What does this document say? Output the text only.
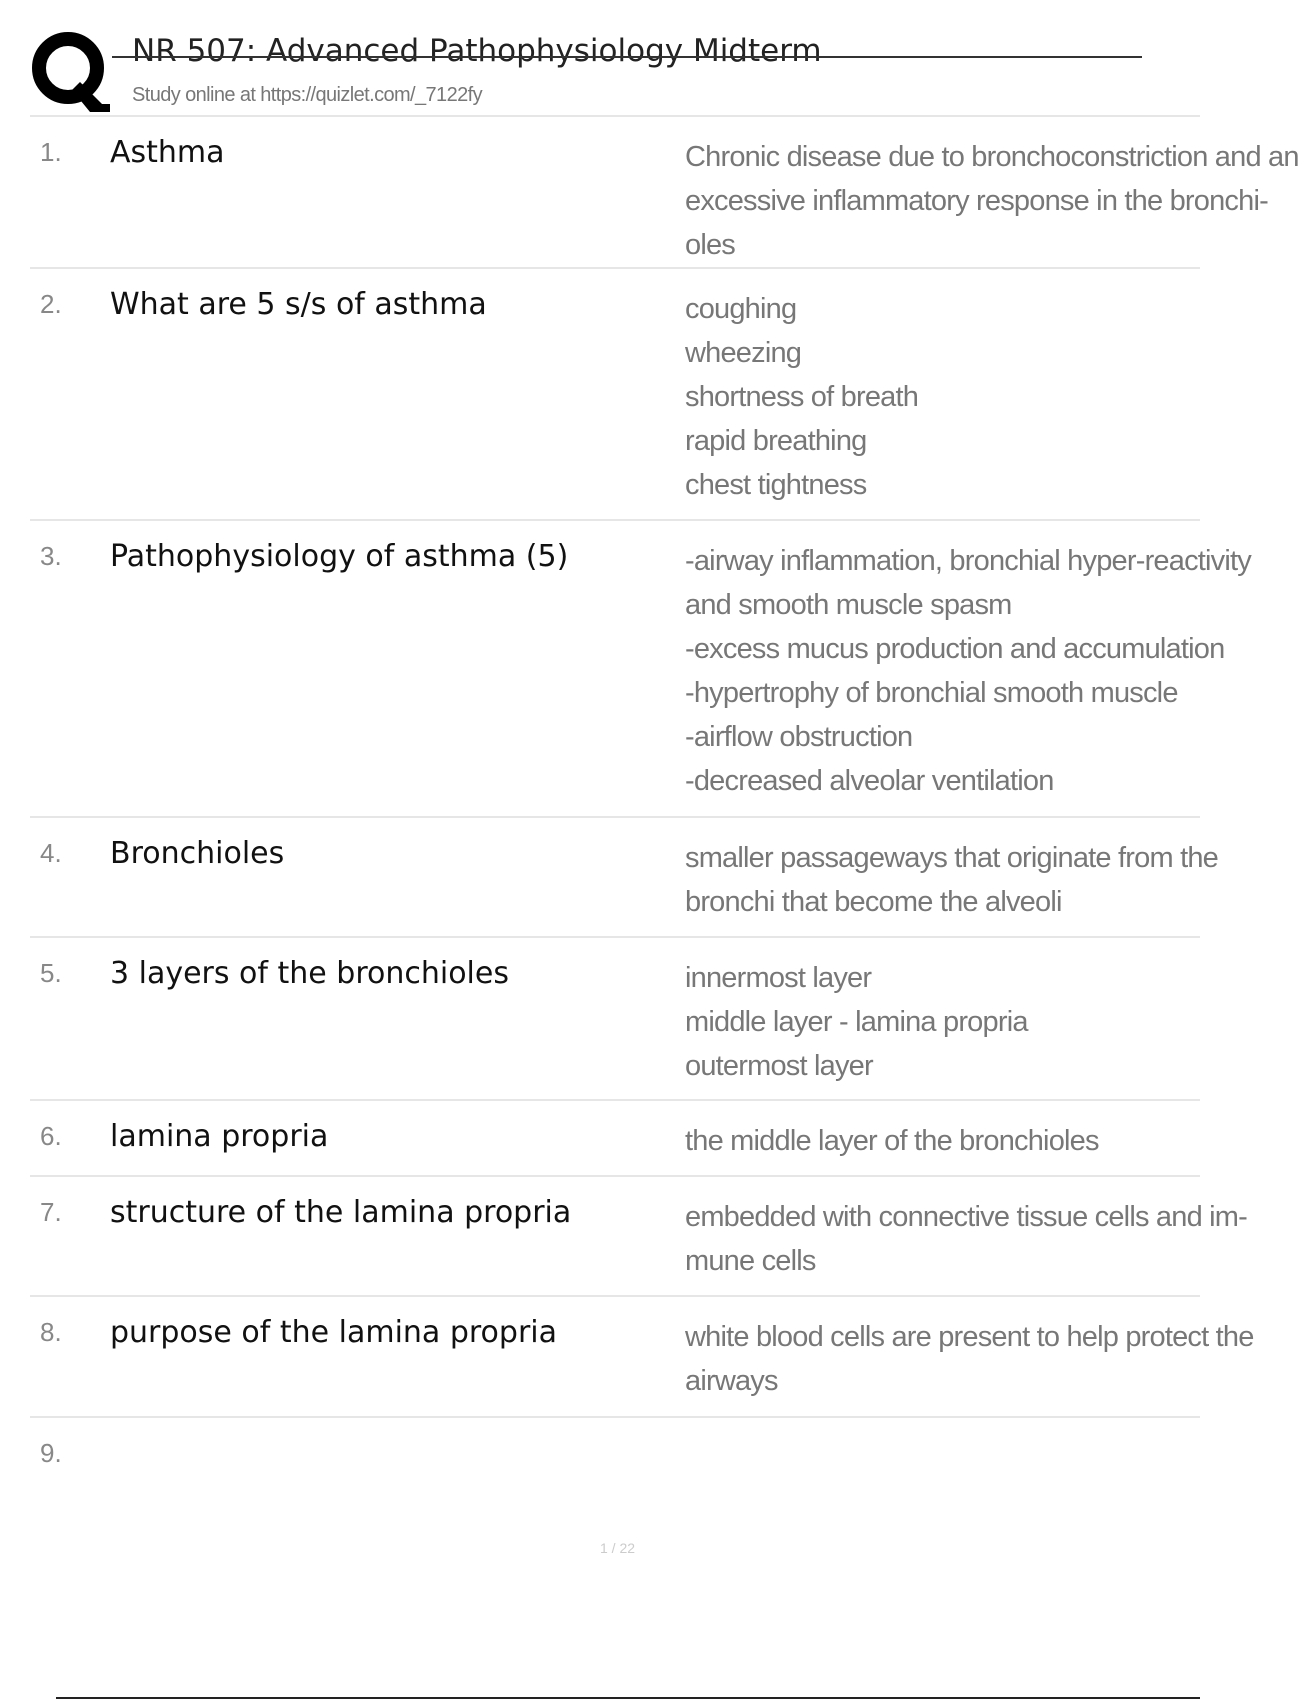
NR 507: Advanced Pathophysiology Midterm
Study online at https://quizlet.com/_7122fy
1. Asthma	Chronic disease due to bronchoconstriction and an
excessive inflammatory response in the bronchi-
oles
2. What are 5 s/s of asthma	coughing
wheezing
shortness of breath
rapid breathing
chest tightness
3. Pathophysiology of asthma (5)	-airway inflammation, bronchial hyper-reactivity
and smooth muscle spasm
-excess mucus production and accumulation
-hypertrophy of bronchial smooth muscle
-airflow obstruction
-decreased alveolar ventilation
4. Bronchioles	smaller passageways that originate from the
bronchi that become the alveoli
5. 3 layers of the bronchioles	innermost layer
middle layer - lamina propria
outermost layer
6. lamina propria	the middle layer of the bronchioles
7. structure of the lamina propria	embedded with connective tissue cells and im-
mune cells
8. purpose of the lamina propria	white blood cells are present to help protect the
airways
9.
1 / 22
